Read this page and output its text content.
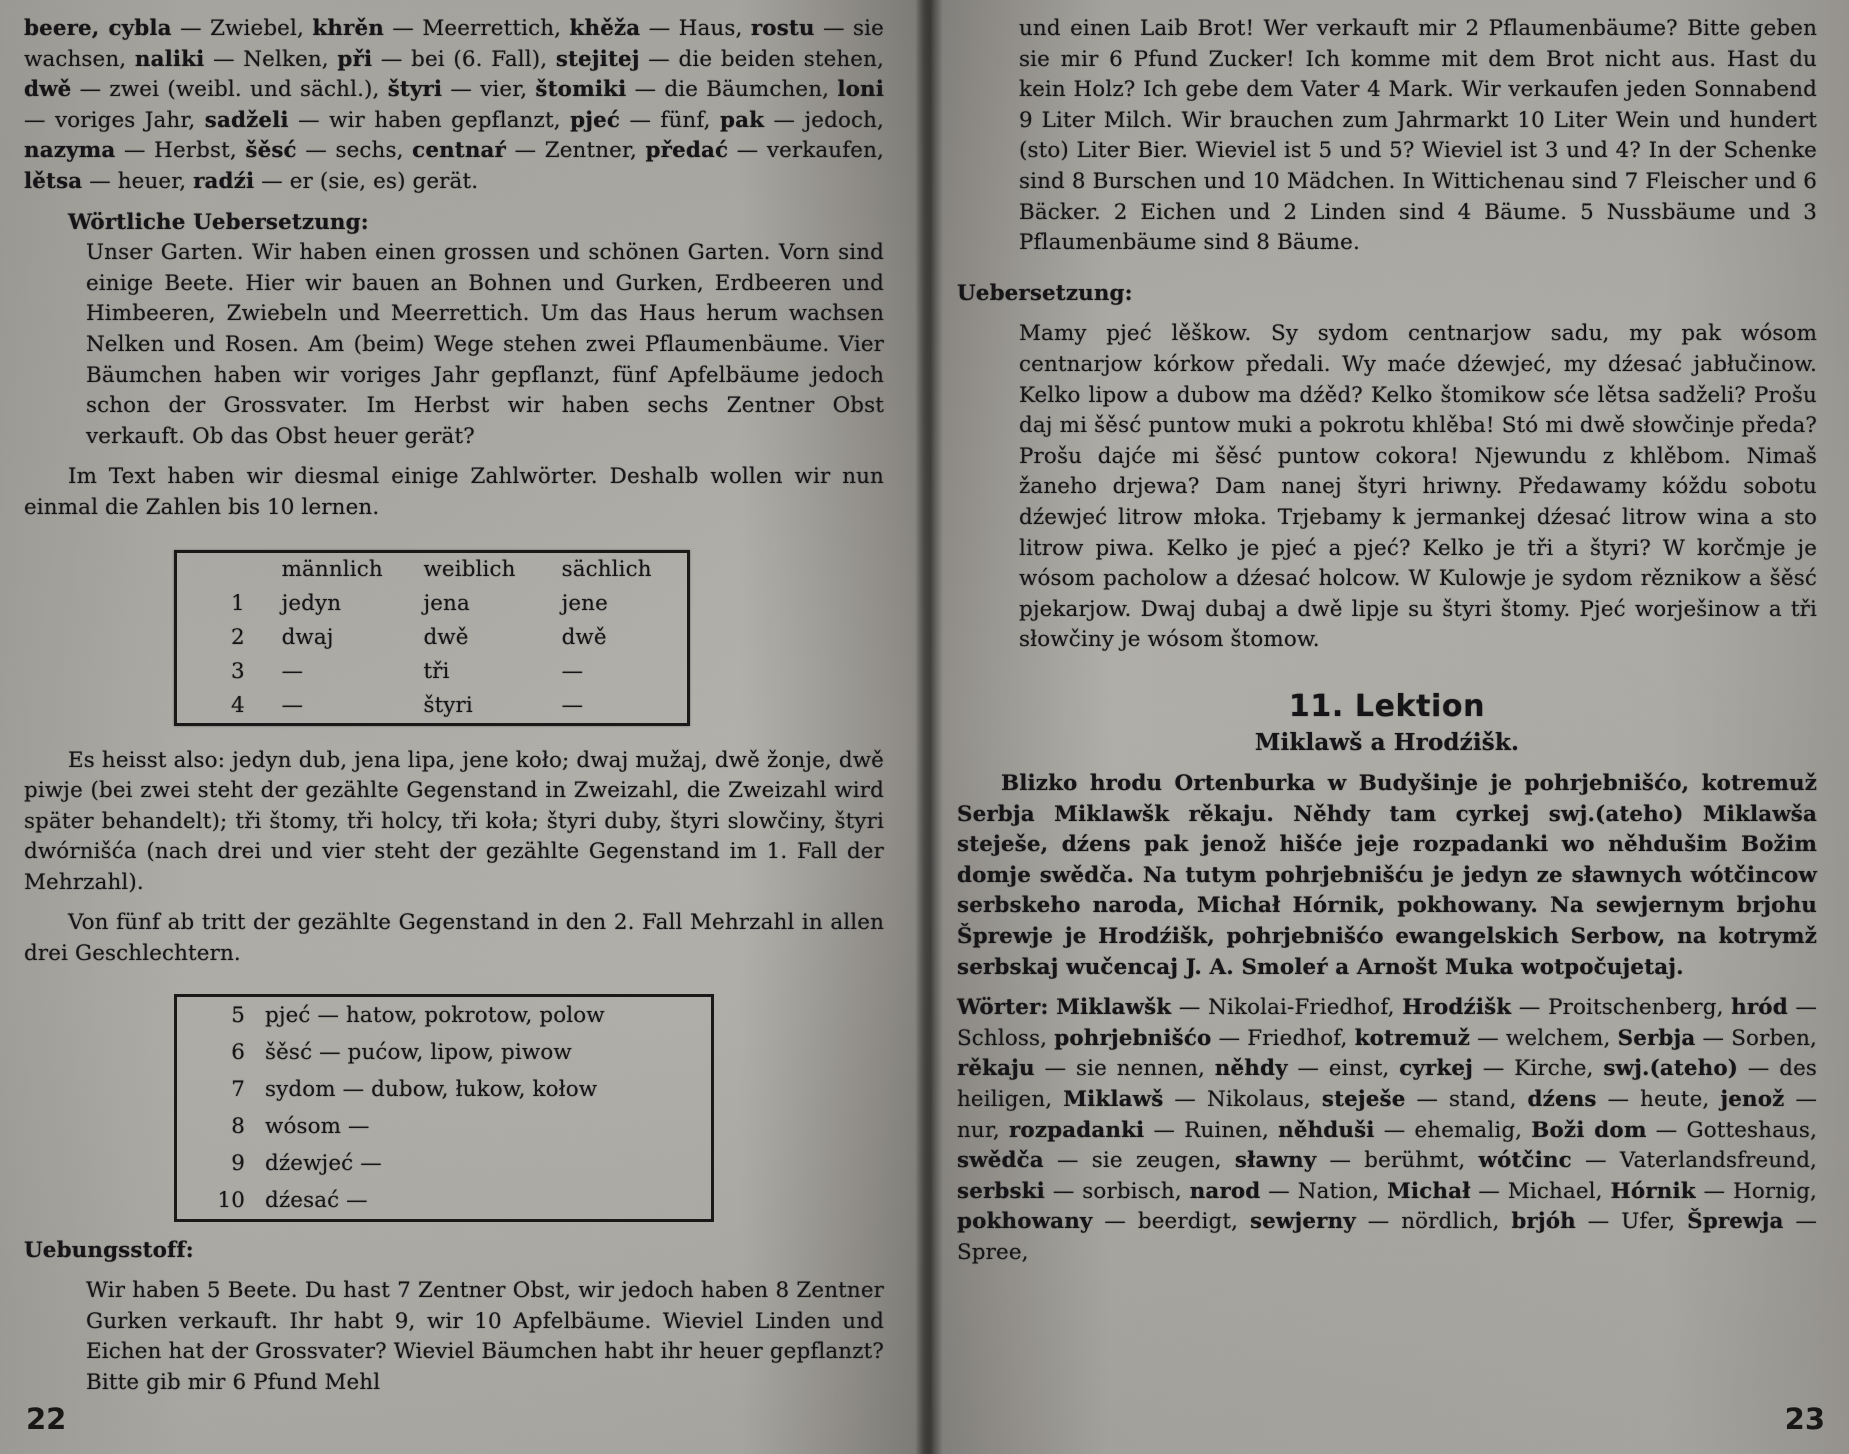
beere, cybla — Zwiebel, khrěn — Meerrettich, khěža — Haus, rostu — sie wachsen, naliki — Nelken, při — bei (6. Fall), stejitej — die beiden stehen, dwě — zwei (weibl. und sächl.), štyri — vier, štomiki — die Bäumchen, loni — voriges Jahr, sadželi — wir haben gepflanzt, pjeć — fünf, pak — jedoch, nazyma — Herbst, šěsć — sechs, centnaŕ — Zentner, předać — verkaufen, lětsa — heuer, radźi — er (sie, es) gerät.

Wörtliche Uebersetzung:

Unser Garten. Wir haben einen grossen und schönen Garten. Vorn sind einige Beete. Hier wir bauen an Bohnen und Gurken, Erdbeeren und Himbeeren, Zwiebeln und Meerrettich. Um das Haus herum wachsen Nelken und Rosen. Am (beim) Wege stehen zwei Pflaumenbäume. Vier Bäumchen haben wir voriges Jahr gepflanzt, fünf Apfelbäume jedoch schon der Grossvater. Im Herbst wir haben sechs Zentner Obst verkauft. Ob das Obst heuer gerät?

Im Text haben wir diesmal einige Zahlwörter. Deshalb wollen wir nun einmal die Zahlen bis 10 lernen.

	männlich	weiblich	sächlich
1	jedyn	jena	jene
2	dwaj	dwě	dwě
3	—	tři	—
4	—	štyri	—

Es heisst also: jedyn dub, jena lipa, jene koło; dwaj mužaj, dwě žonje, dwě piwje (bei zwei steht der gezählte Gegenstand in Zweizahl, die Zweizahl wird später behandelt); tři štomy, tři holcy, tři koła; štyri duby, štyri slowčiny, štyri dwórnišća (nach drei und vier steht der gezählte Gegenstand im 1. Fall der Mehrzahl).

Von fünf ab tritt der gezählte Gegenstand in den 2. Fall Mehrzahl in allen drei Geschlechtern.

5	pjeć — hatow, pokrotow, polow
6	šěsć — pućow, lipow, piwow
7	sydom — dubow, łukow, kołow
8	wósom —
9	dźewjeć —
10	dźesać —

Uebungsstoff:

Wir haben 5 Beete. Du hast 7 Zentner Obst, wir jedoch haben 8 Zentner Gurken verkauft. Ihr habt 9, wir 10 Apfelbäume. Wieviel Linden und Eichen hat der Grossvater? Wieviel Bäumchen habt ihr heuer gepflanzt? Bitte gib mir 6 Pfund Mehl

22

und einen Laib Brot! Wer verkauft mir 2 Pflaumenbäume? Bitte geben sie mir 6 Pfund Zucker! Ich komme mit dem Brot nicht aus. Hast du kein Holz? Ich gebe dem Vater 4 Mark. Wir verkaufen jeden Sonnabend 9 Liter Milch. Wir brauchen zum Jahrmarkt 10 Liter Wein und hundert (sto) Liter Bier. Wieviel ist 5 und 5? Wieviel ist 3 und 4? In der Schenke sind 8 Burschen und 10 Mädchen. In Wittichenau sind 7 Fleischer und 6 Bäcker. 2 Eichen und 2 Linden sind 4 Bäume. 5 Nussbäume und 3 Pflaumenbäume sind 8 Bäume.

Uebersetzung:

Mamy pjeć lěškow. Sy sydom centnarjow sadu, my pak wósom centnarjow kórkow předali. Wy maće dźewjeć, my dźesać jabłučinow. Kelko lipow a dubow ma dźěd? Kelko štomikow sće lětsa sadželi? Prošu daj mi šěsć puntow muki a pokrotu khlěba! Stó mi dwě słowčinje předa? Prošu dajće mi šěsć puntow cokora! Njewundu z khlěbom. Nimaš žaneho drjewa? Dam nanej štyri hriwny. Předawamy kóždu sobotu dźewjeć litrow młoka. Trjebamy k jermankej dźesać litrow wina a sto litrow piwa. Kelko je pjeć a pjeć? Kelko je tři a štyri? W korčmje je wósom pacholow a dźesać holcow. W Kulowje je sydom rěznikow a šěsć pjekarjow. Dwaj dubaj a dwě lipje su štyri štomy. Pjeć worješinow a tři słowčiny je wósom štomow.

11. Lektion
Miklawš a Hrodźišk.

Blizko hrodu Ortenburka w Budyšinje je pohrjebnišćo, kotremuž Serbja Miklawšk rěkaju. Něhdy tam cyrkej swj.(ateho) Miklawša steješe, dźens pak jenož hišće jeje rozpadanki wo něhdušim Božim domje swědča. Na tutym pohrjebnišću je jedyn ze sławnych wótčincow serbskeho naroda, Michał Hórnik, pokhowany. Na sewjernym brjohu Šprewje je Hrodźišk, pohrjebnišćo ewangelskich Serbow, na kotrymž serbskaj wučencaj J. A. Smoleŕ a Arnošt Muka wotpočujetaj.

Wörter: Miklawšk — Nikolai-Friedhof, Hrodźišk — Proitschenberg, hród — Schloss, pohrjebnišćo — Friedhof, kotremuž — welchem, Serbja — Sorben, rěkaju — sie nennen, něhdy — einst, cyrkej — Kirche, swj.(ateho) — des heiligen, Miklawš — Nikolaus, steješe — stand, dźens — heute, jenož — nur, rozpadanki — Ruinen, něhduši — ehemalig, Boži dom — Gotteshaus, swědča — sie zeugen, sławny — berühmt, wótčinc — Vaterlandsfreund, serbski — sorbisch, narod — Nation, Michał — Michael, Hórnik — Hornig, pokhowany — beerdigt, sewjerny — nördlich, brjóh — Ufer, Šprewja — Spree,

23
